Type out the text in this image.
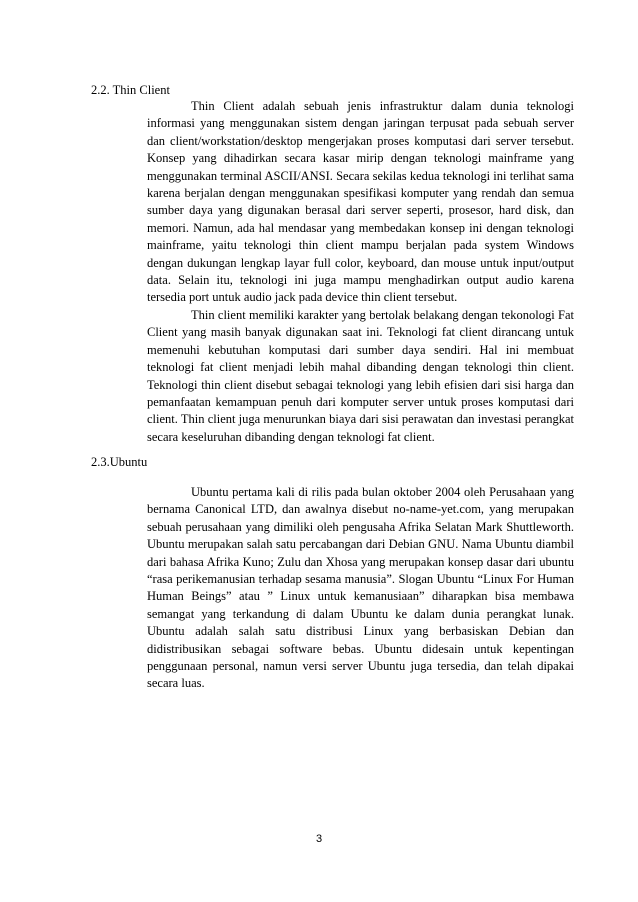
2.2. Thin Client

Thin Client adalah sebuah jenis infrastruktur dalam dunia teknologi informasi yang menggunakan sistem dengan jaringan terpusat pada sebuah server dan client/workstation/desktop mengerjakan proses komputasi dari server tersebut. Konsep yang dihadirkan secara kasar mirip dengan teknologi mainframe yang menggunakan terminal ASCII/ANSI. Secara sekilas kedua teknologi ini terlihat sama karena berjalan dengan menggunakan spesifikasi komputer yang rendah dan semua sumber daya yang digunakan berasal dari server seperti, prosesor, hard disk, dan memori. Namun, ada hal mendasar yang membedakan konsep ini dengan teknologi mainframe, yaitu teknologi thin client mampu berjalan pada system Windows dengan dukungan lengkap layar full color, keyboard, dan mouse untuk input/output data. Selain itu, teknologi ini juga mampu menghadirkan output audio karena tersedia port untuk audio jack pada device thin client tersebut.

Thin client memiliki karakter yang bertolak belakang dengan tekonologi Fat Client yang masih banyak digunakan saat ini. Teknologi fat client dirancang untuk memenuhi kebutuhan komputasi dari sumber daya sendiri. Hal ini membuat teknologi fat client menjadi lebih mahal dibanding dengan teknologi thin client. Teknologi thin client disebut sebagai teknologi yang lebih efisien dari sisi harga dan pemanfaatan kemampuan penuh dari komputer server untuk proses komputasi dari client. Thin client juga menurunkan biaya dari sisi perawatan dan investasi perangkat secara keseluruhan dibanding dengan teknologi fat client.

2.3.Ubuntu

Ubuntu pertama kali di rilis pada bulan oktober 2004 oleh Perusahaan yang bernama Canonical LTD, dan awalnya disebut no-name-yet.com, yang merupakan sebuah perusahaan yang dimiliki oleh pengusaha Afrika Selatan Mark Shuttleworth. Ubuntu merupakan salah satu percabangan dari Debian GNU. Nama Ubuntu diambil dari bahasa Afrika Kuno; Zulu dan Xhosa yang merupakan konsep dasar dari ubuntu “rasa perikemanusian terhadap sesama manusia”. Slogan Ubuntu “Linux For Human Human Beings” atau ” Linux untuk kemanusiaan” diharapkan bisa membawa semangat yang terkandung di dalam Ubuntu ke dalam dunia perangkat lunak. Ubuntu adalah salah satu distribusi Linux yang berbasiskan Debian dan didistribusikan sebagai software bebas. Ubuntu didesain untuk kepentingan penggunaan personal, namun versi server Ubuntu juga tersedia, dan telah dipakai secara luas.

3
